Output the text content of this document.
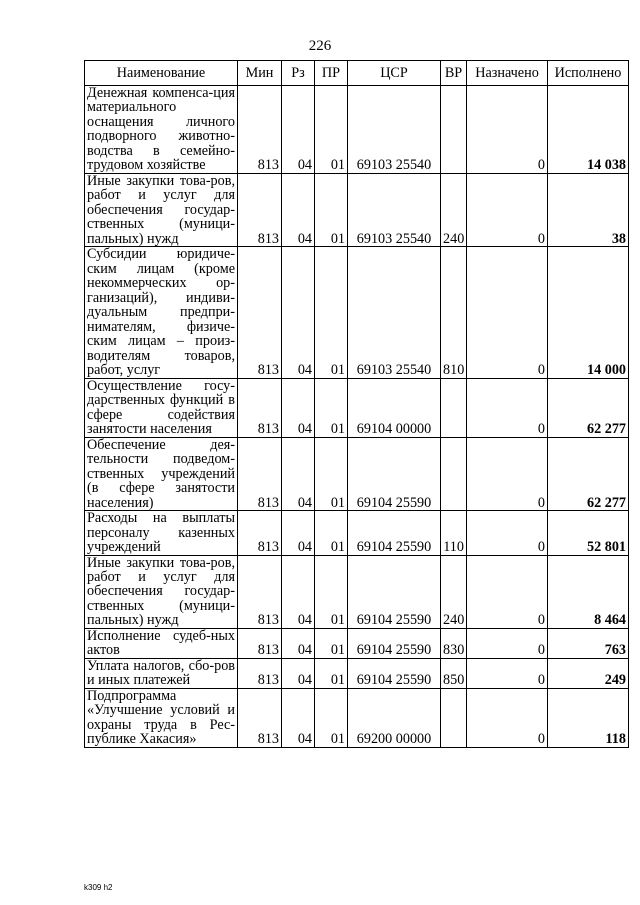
226
Наименование	Мин	Рз	ПР	ЦСР	ВР	Назначено	Исполнено
Денежная компенса-ция материального оснащения личного подворного животно-водства в семейно-трудовом хозяйстве	813	04	01	69103 25540		0	14 038
Иные закупки това-ров, работ и услуг для обеспечения государ-ственных (муници-пальных) нужд	813	04	01	69103 25540	240	0	38
Субсидии юридиче-ским лицам (кроме некоммерческих ор-ганизаций), индиви-дуальным предпри-нимателям, физиче-ским лицам – произ-водителям товаров, работ, услуг	813	04	01	69103 25540	810	0	14 000
Осуществление госу-дарственных функций в сфере содействия занятости населения	813	04	01	69104 00000		0	62 277
Обеспечение дея-тельности подведом-ственных учреждений (в сфере занятости населения)	813	04	01	69104 25590		0	62 277
Расходы на выплаты персоналу казенных учреждений	813	04	01	69104 25590	110	0	52 801
Иные закупки това-ров, работ и услуг для обеспечения государ-ственных (муници-пальных) нужд	813	04	01	69104 25590	240	0	8 464
Исполнение судеб-ных актов	813	04	01	69104 25590	830	0	763
Уплата налогов, сбо-ров и иных платежей	813	04	01	69104 25590	850	0	249
Подпрограмма «Улучшение условий и охраны труда в Рес-публике Хакасия»	813	04	01	69200 00000		0	118
k309 h2
